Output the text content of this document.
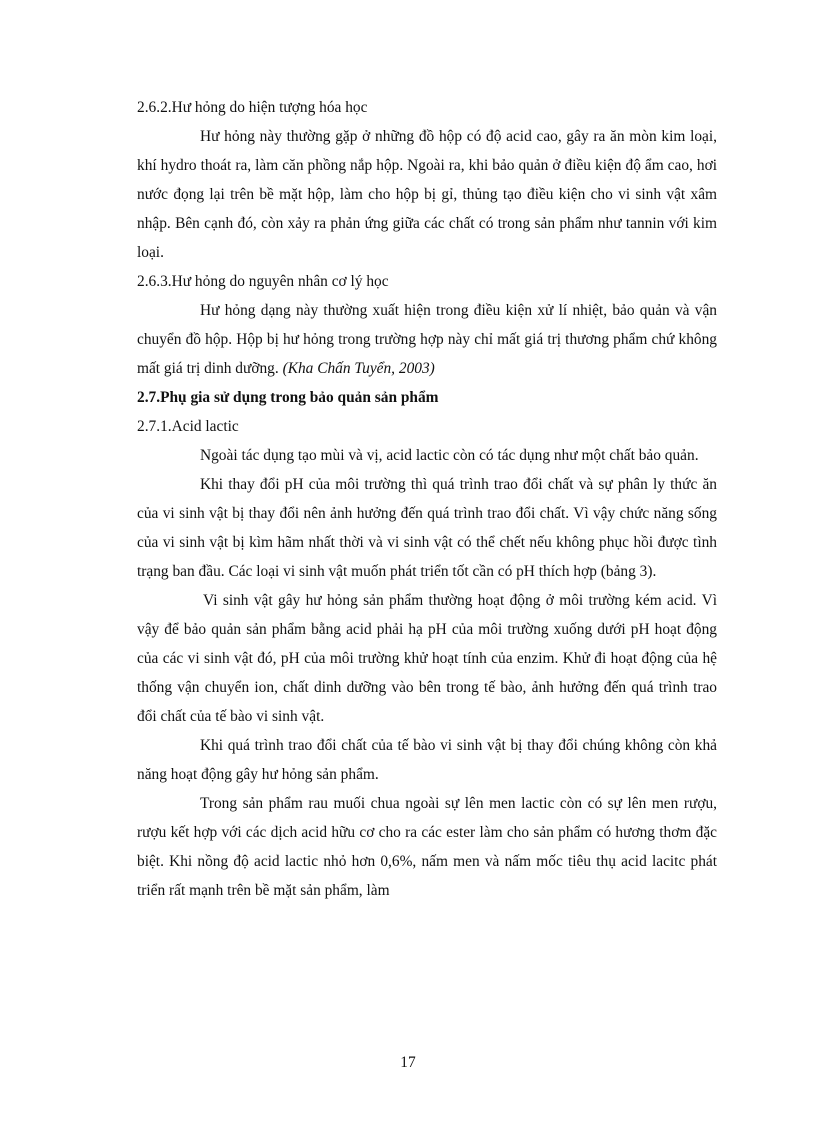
2.6.2.Hư hỏng do hiện tượng hóa học

Hư hỏng này thường gặp ở những đồ hộp có độ acid cao, gây ra ăn mòn kim loại, khí hydro thoát ra, làm căn phồng nắp hộp. Ngoài ra, khi bảo quản ở điều kiện độ ẩm cao, hơi nước đọng lại trên bề mặt hộp, làm cho hộp bị gỉ, thủng tạo điều kiện cho vi sinh vật xâm nhập. Bên cạnh đó, còn xảy ra phản ứng giữa các chất có trong sản phẩm như tannin với kim loại.

2.6.3.Hư hỏng do nguyên nhân cơ lý học

Hư hỏng dạng này thường xuất hiện trong điều kiện xử lí nhiệt, bảo quản và vận chuyển đồ hộp. Hộp bị hư hỏng trong trường hợp này chỉ mất giá trị thương phẩm chứ không mất giá trị dinh dưỡng. (Kha Chấn Tuyển, 2003)

2.7.Phụ gia sử dụng trong bảo quản sản phẩm

2.7.1.Acid lactic

Ngoài tác dụng tạo mùi và vị, acid lactic còn có tác dụng như một chất bảo quản.

Khi thay đổi pH của môi trường thì quá trình trao đổi chất và sự phân ly thức ăn của vi sinh vật bị thay đổi nên ảnh hưởng đến quá trình trao đổi chất. Vì vậy chức năng sống của vi sinh vật bị kìm hãm nhất thời và vi sinh vật có thể chết nếu không phục hồi được tình trạng ban đầu. Các loại vi sinh vật muốn phát triển tốt cần có pH thích hợp (bảng 3).

Vi sinh vật gây hư hỏng sản phẩm thường hoạt động ở môi trường kém acid. Vì vậy để bảo quản sản phẩm bằng acid phải hạ pH của môi trường xuống dưới pH hoạt động của các vi sinh vật đó, pH của môi trường khử hoạt tính của enzim. Khử đi hoạt động của hệ thống vận chuyển ion, chất dinh dưỡng vào bên trong tế bào, ảnh hưởng đến quá trình trao đổi chất của tế bào vi sinh vật.

Khi quá trình trao đổi chất của tế bào vi sinh vật bị thay đổi chúng không còn khả năng hoạt động gây hư hỏng sản phẩm.

Trong sản phẩm rau muối chua ngoài sự lên men lactic còn có sự lên men rượu, rượu kết hợp với các dịch acid hữu cơ cho ra các ester làm cho sản phẩm có hương thơm đặc biệt. Khi nồng độ acid lactic nhỏ hơn 0,6%, nấm men và nấm mốc tiêu thụ acid lacitc phát triển rất mạnh trên bề mặt sản phẩm, làm

17
